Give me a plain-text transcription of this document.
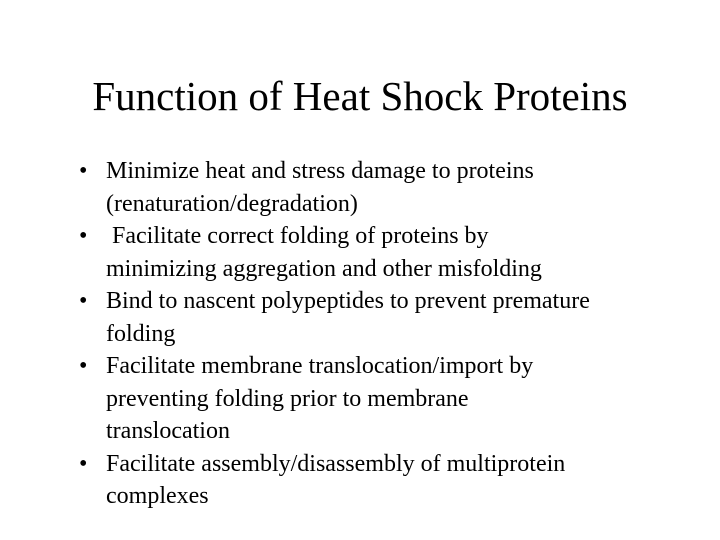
Function of Heat Shock Proteins
• Minimize heat and stress damage to proteins
(renaturation/degradation)
• Facilitate correct folding of proteins by
minimizing aggregation and other misfolding
• Bind to nascent polypeptides to prevent premature
folding
• Facilitate membrane translocation/import by
preventing folding prior to membrane
translocation
• Facilitate assembly/disassembly of multiprotein
complexes
